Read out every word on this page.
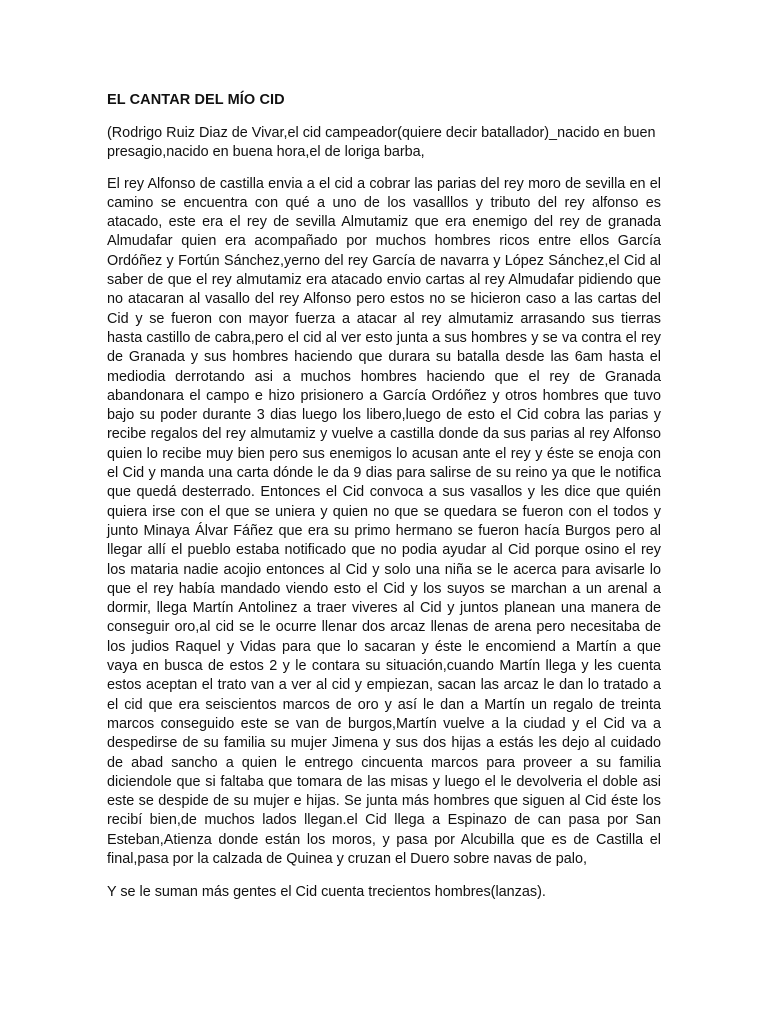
EL CANTAR DEL MÍO CID

(Rodrigo Ruiz Diaz de Vivar,el cid campeador(quiere decir batallador)_nacido en buen presagio,nacido en buena hora,el de loriga barba,

El rey Alfonso de castilla envia a el cid a cobrar las parias del rey moro de sevilla en el camino se encuentra con qué a uno de los vasalllos y tributo del rey alfonso es atacado, este era el rey de sevilla Almutamiz que era enemigo del rey de granada Almudafar quien era acompañado por muchos hombres ricos entre ellos García Ordóñez y Fortún Sánchez,yerno del rey García de navarra y López Sánchez,el Cid al saber de que el rey almutamiz era atacado envio cartas al rey Almudafar pidiendo que no atacaran al vasallo del rey Alfonso pero estos no se hicieron caso a las cartas del Cid y se fueron con mayor fuerza a atacar al rey almutamiz arrasando sus tierras hasta castillo de cabra,pero el cid al ver esto junta a sus hombres y se va contra el rey de Granada y sus hombres haciendo que durara su batalla desde las 6am hasta el mediodia derrotando asi a muchos hombres haciendo que el rey de Granada abandonara el campo e hizo prisionero a García Ordóñez y otros hombres que tuvo bajo su poder durante 3 dias luego los libero,luego de esto el Cid cobra las parias y recibe regalos del rey almutamiz y vuelve a castilla donde da sus parias al rey Alfonso quien lo recibe muy bien pero sus enemigos lo acusan ante el rey y éste se enoja con el Cid y manda una carta dónde le da 9 dias para salirse de su reino ya que le notifica que quedá desterrado. Entonces el Cid convoca a sus vasallos y les dice que quién quiera irse con el que se uniera y quien no que se quedara se fueron con el todos y junto Minaya Álvar Fáñez que era su primo hermano se fueron hacía Burgos pero al llegar allí el pueblo estaba notificado que no podia ayudar al Cid porque osino el rey los mataria nadie acojio entonces al Cid y solo una niña se le acerca para avisarle lo que el rey había mandado viendo esto el Cid y los suyos se marchan a un arenal a dormir, llega Martín Antolinez a traer viveres al Cid y juntos planean una manera de conseguir oro,al cid se le ocurre llenar dos arcaz llenas de arena pero necesitaba de los judios Raquel y Vidas para que lo sacaran y éste le encomiend a Martín a que vaya en busca de estos 2 y le contara su situación,cuando Martín llega y les cuenta estos aceptan el trato van a ver al cid y empiezan, sacan las arcaz le dan lo tratado a el cid que era seiscientos marcos de oro y así le dan a Martín un regalo de treinta marcos conseguido este se van de burgos,Martín vuelve a la ciudad y el Cid va a despedirse de su familia su mujer Jimena y sus dos hijas a estás les dejo al cuidado de abad sancho a quien le entrego cincuenta marcos para proveer a su familia diciendole que si faltaba que tomara de las misas y luego el le devolveria el doble asi este se despide de su mujer e hijas. Se junta más hombres que siguen al Cid éste los recibí bien,de muchos lados llegan.el Cid llega a Espinazo de can pasa por San Esteban,Atienza donde están los moros, y pasa por Alcubilla que es de Castilla el final,pasa por la calzada de Quinea y cruzan el Duero sobre navas de palo,

Y se le suman más gentes el Cid cuenta trecientos hombres(lanzas).
